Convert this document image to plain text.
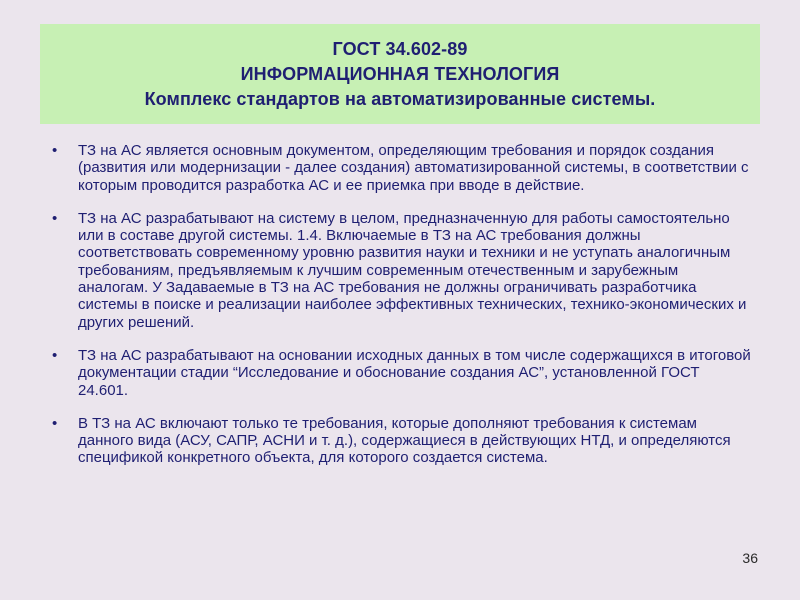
ГОСТ 34.602-89
ИНФОРМАЦИОННАЯ ТЕХНОЛОГИЯ
Комплекс стандартов на автоматизированные системы.
• ТЗ на АС является основным документом, определяющим требования и порядок создания (развития или модернизации - далее создания) автоматизированной системы, в соответствии с которым проводится разработка АС и ее приемка при вводе в действие.
• ТЗ на АС разрабатывают на систему в целом, предназначенную для работы самостоятельно или в составе другой системы. 1.4. Включаемые в ТЗ на АС требования должны соответствовать современному уровню развития науки и техники и не уступать аналогичным требованиям, предъявляемым к лучшим современным отечественным и зарубежным аналогам. У Задаваемые в ТЗ на АС требования не должны ограничивать разработчика системы в поиске и реализации наиболее эффективных технических, технико-экономических и других решений.
• ТЗ на АС разрабатывают на основании исходных данных в том числе содержащихся в итоговой документации стадии “Исследование и обоснование создания АС”, установленной ГОСТ 24.601.
• В ТЗ на АС включают только те требования, которые дополняют требования к системам данного вида (АСУ, САПР, АСНИ и т. д.), содержащиеся в действующих НТД, и определяются спецификой конкретного объекта, для которого создается система.
36
